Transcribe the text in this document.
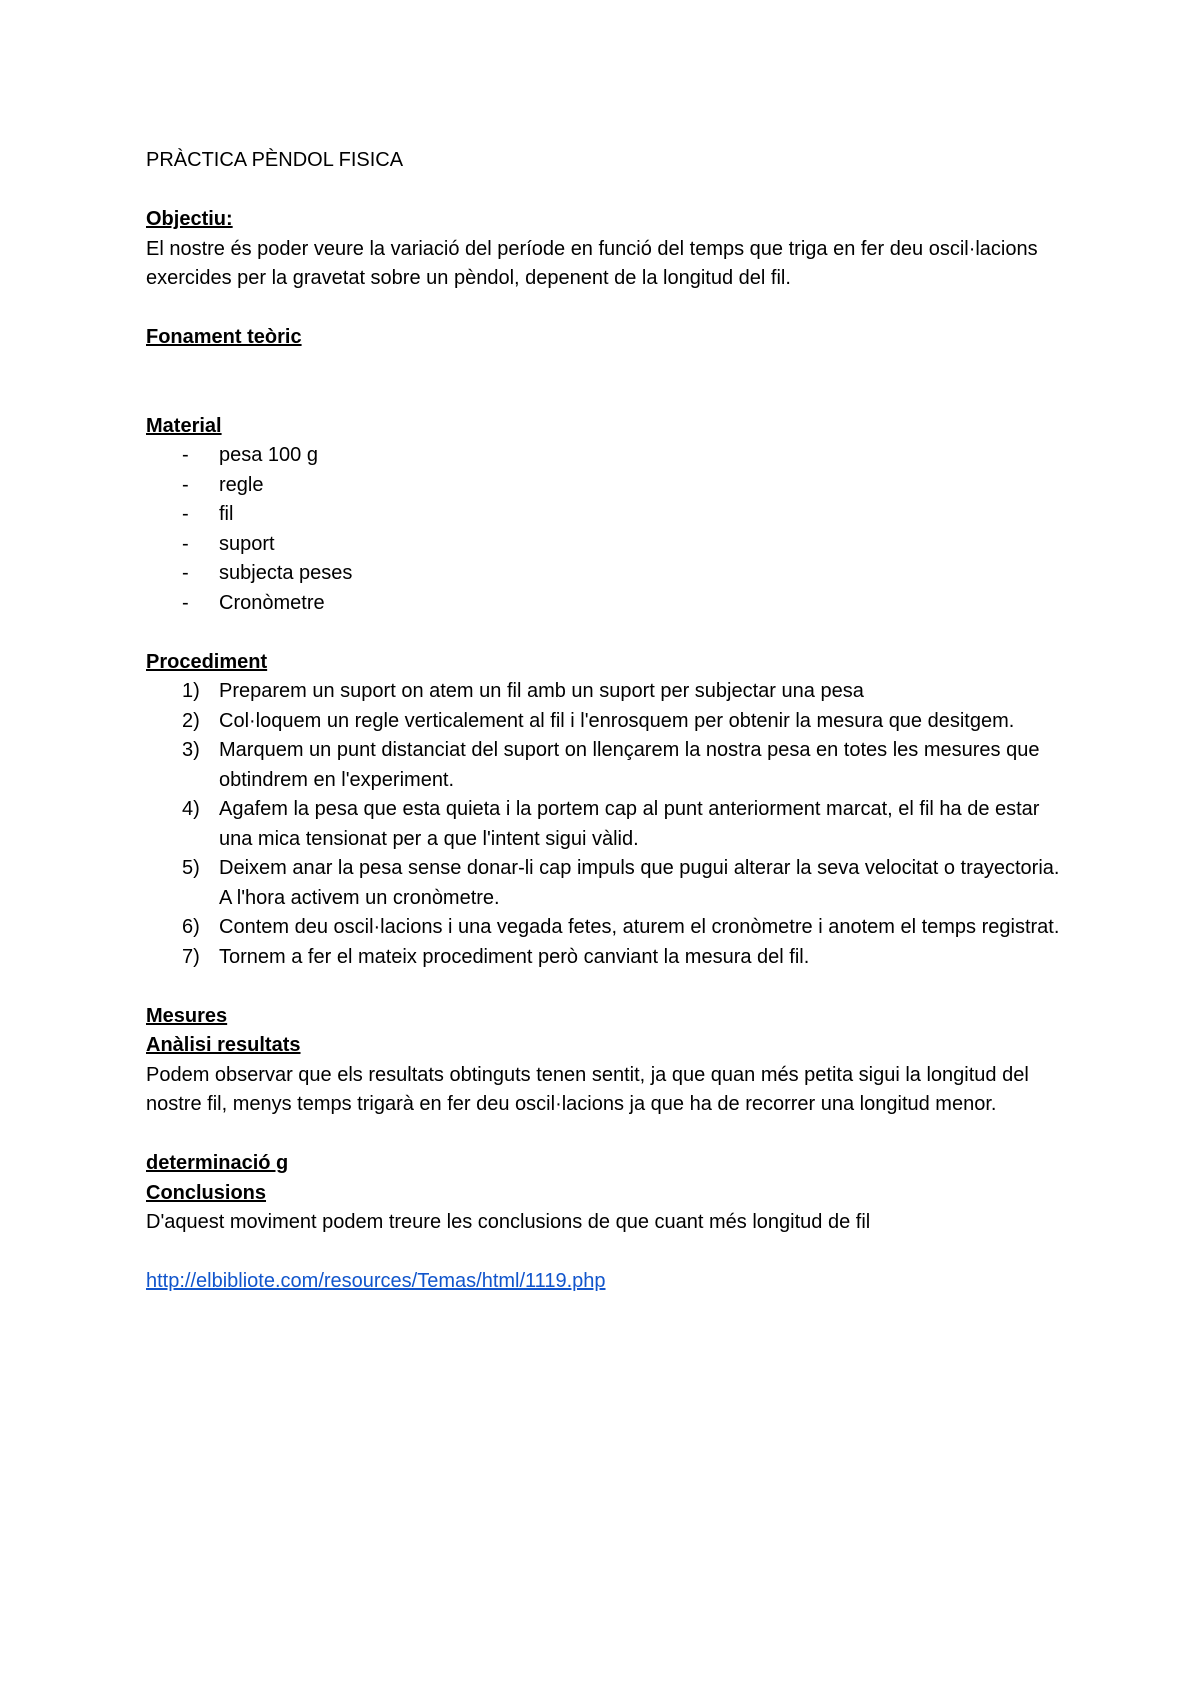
PRÀCTICA PÈNDOL FISICA

Objectiu:

El nostre és poder veure la variació del període en funció del temps que triga en fer deu oscil·lacions exercides per la gravetat sobre un pèndol, depenent de la longitud del fil.

Fonament teòric

Material

- pesa 100 g
- regle
- fil
- suport
- subjecta peses
- Cronòmetre

Procediment

1) Preparem un suport on atem un fil amb un suport per subjectar una pesa
2) Col·loquem un regle verticalement al fil i l'enrosquem per obtenir la mesura que desitgem.
3) Marquem un punt distanciat del suport on llençarem la nostra pesa en totes les mesures que obtindrem en l'experiment.
4) Agafem la pesa que esta quieta i la portem cap al punt anteriorment marcat, el fil ha de estar una mica tensionat per a que l'intent sigui vàlid.
5) Deixem anar la pesa sense donar-li cap impuls que pugui alterar la seva velocitat o trayectoria. A l'hora activem un cronòmetre.
6) Contem deu oscil·lacions i una vegada fetes, aturem el cronòmetre i anotem el temps registrat.
7) Tornem a fer el mateix procediment però canviant la mesura del fil.

Mesures

Anàlisi resultats

Podem observar que els resultats obtinguts tenen sentit, ja que quan més petita sigui la longitud del nostre fil, menys temps trigarà en fer deu oscil·lacions ja que ha de recorrer una longitud menor.

determinació g

Conclusions

D'aquest moviment podem treure les conclusions de que cuant més longitud de fil

http://elbibliote.com/resources/Temas/html/1119.php
